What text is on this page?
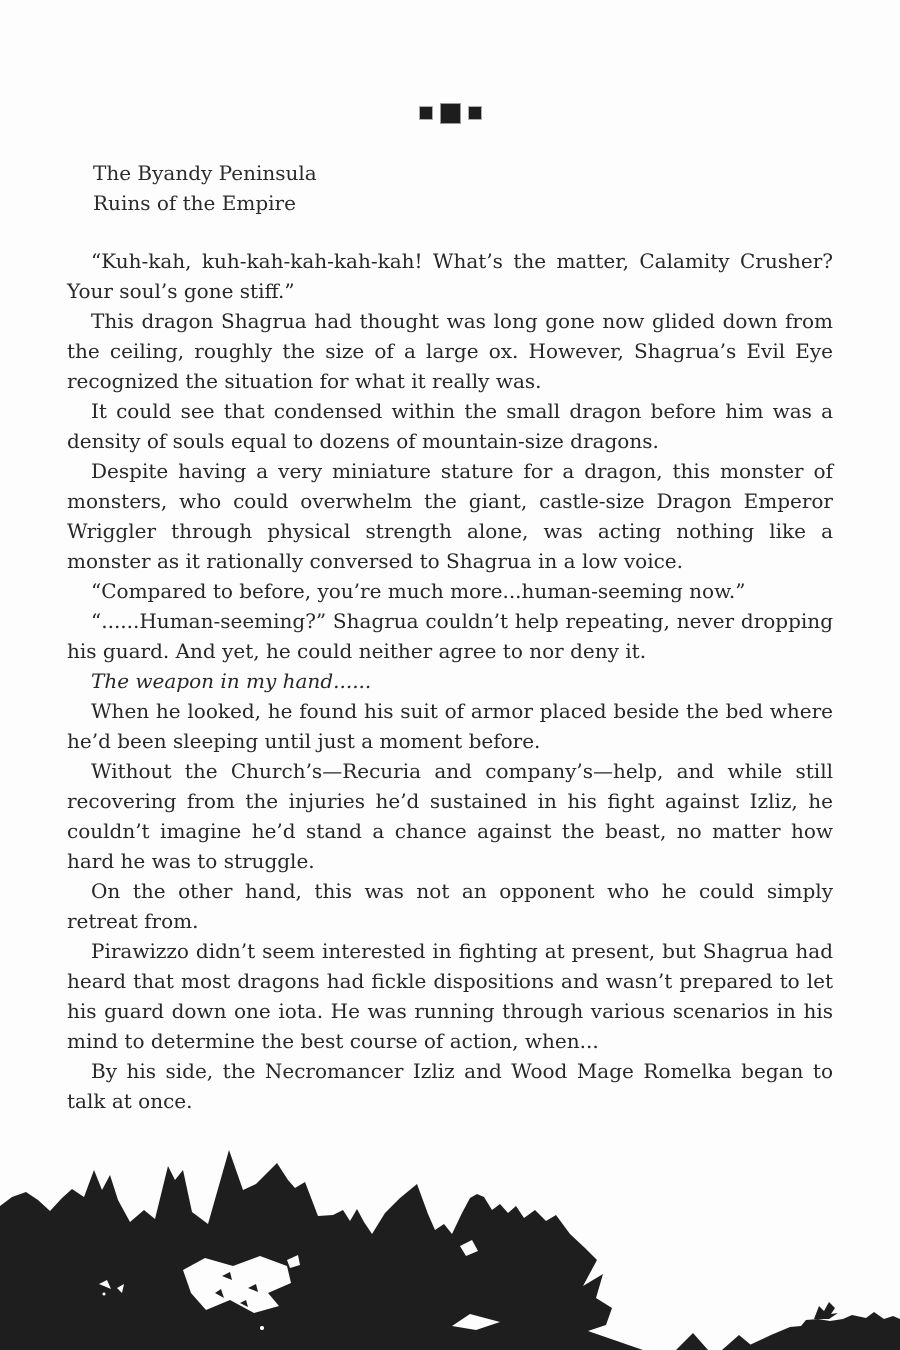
The Byandy Peninsula
Ruins of the Empire

“Kuh-kah, kuh-kah-kah-kah-kah! What’s the matter, Calamity Crusher? Your soul’s gone stiff.”

This dragon Shagrua had thought was long gone now glided down from the ceiling, roughly the size of a large ox. However, Shagrua’s Evil Eye recognized the situation for what it really was.

It could see that condensed within the small dragon before him was a density of souls equal to dozens of mountain-size dragons.

Despite having a very miniature stature for a dragon, this monster of monsters, who could overwhelm the giant, castle-size Dragon Emperor Wriggler through physical strength alone, was acting nothing like a monster as it rationally conversed to Shagrua in a low voice.

“Compared to before, you’re much more...human-seeming now.”

“......Human-seeming?” Shagrua couldn’t help repeating, never dropping his guard. And yet, he could neither agree to nor deny it.

The weapon in my hand......

When he looked, he found his suit of armor placed beside the bed where he’d been sleeping until just a moment before.

Without the Church’s—Recuria and company’s—help, and while still recovering from the injuries he’d sustained in his fight against Izliz, he couldn’t imagine he’d stand a chance against the beast, no matter how hard he was to struggle.

On the other hand, this was not an opponent who he could simply retreat from.

Pirawizzo didn’t seem interested in fighting at present, but Shagrua had heard that most dragons had fickle dispositions and wasn’t prepared to let his guard down one iota. He was running through various scenarios in his mind to determine the best course of action, when...

By his side, the Necromancer Izliz and Wood Mage Romelka began to talk at once.
